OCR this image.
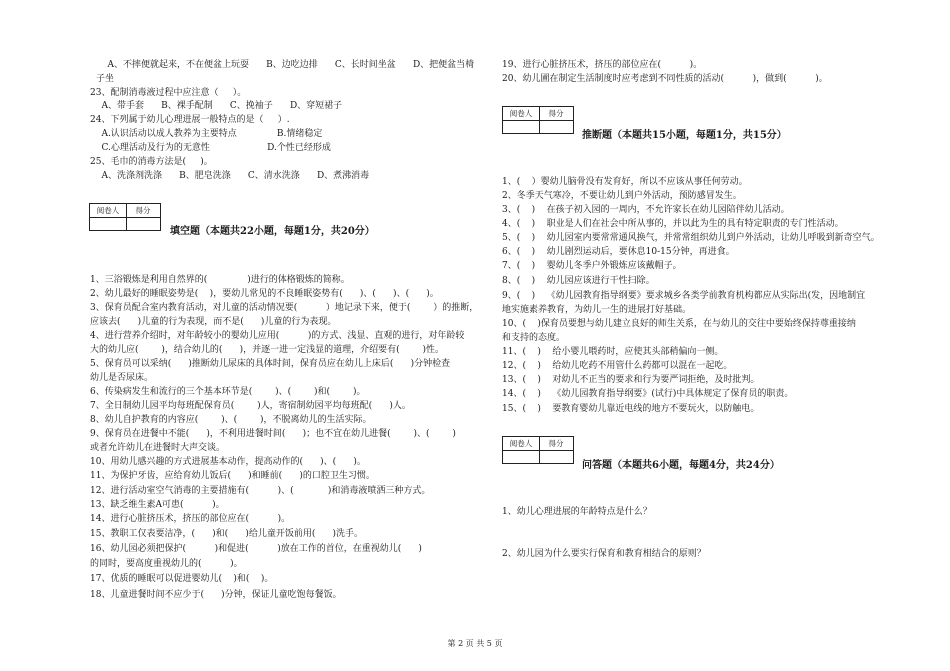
A、不摔便就起来，不在便盆上玩耍      B、边吃边排      C、长时间坐盆      D、把便盆当椅
子坐
23、配制消毒液过程中应注意（     ）。
A、带手套      B、裸手配制      C、挽袖子      D、穿短裙子
24、下列属于幼儿心理进展一般特点的是（     ）.
A.认识活动以成人教养为主要特点              B.情绪稳定
C.心理活动及行为的无意性                    D.个性已经形成
25、毛巾的消毒方法是(     )。
A、洗涤剂洗涤      B、肥皂洗涤      C、清水洗涤      D、煮沸消毒
阅卷人	得分
填空题（本题共22小题，每题1分，共20分）
1、三浴锻炼是利用自然界的(              )进行的体格锻炼的简称。
2、幼儿最好的睡眠姿势是(    )，要幼儿常见的不良睡眠姿势有(      )、(      )、(      )。
3、保育员配合室内教育活动，对儿童的活动情况要(          ）地记录下来，便于(        ）的推断，
应该去(      )儿童的行为表现，而不是(      )儿童的行为表现。
4、进行营养介绍时，对年龄较小的婴幼儿应用(          )的方式、浅显、直观的进行，对年龄较
大的幼儿应(        )，结合幼儿的(      )，并逐一进一定浅显的道理，介绍要有(        )性。
5、保育员可以采纳(      )推断幼儿尿床的具体时间，保育员应在幼儿上床后(      )分钟检查
幼儿是否尿床。
6、传染病发生和流行的三个基本环节是(        )、(        )和(        )。
7、全日制幼儿园平均每班配保育员(        )人，寄宿制幼园平均每班配(      )人。
8、幼儿自护教育的内容应(        )、(        )，不脱离幼儿的生活实际。
9、保育员在进餐中不能(      )，不利用进餐时间(      )；也不宜在幼儿进餐(        )、(        )
或者允许幼儿在进餐时大声交谈。
10、用幼儿感兴趣的方式进展基本动作，提高动作的(      )、(      )。
11、为保护牙齿，应给育幼儿饭后(      )和睡前(      )的口腔卫生习惯。
12、进行活动室空气消毒的主要措施有(          )、(            )和消毒液喷洒三种方式。
13、缺乏维生素A可患(          )。
14、进行心脏挤压术，挤压的部位应在(          )。
15、教职工仅表要洁净，(      )和(      )给儿童开饭前用(      )洗手。
16、幼儿园必须把保护(          )和促进(          )放在工作的首位，在重视幼儿(      )
的同时，要高度重视幼儿的(          )。
17、优质的睡眠可以促进婴幼儿(    )和(    )。
18、儿童进餐时间不应少于(      )分钟，保证儿童吃饱每餐饭。
19、进行心脏挤压术，挤压的部位应在(          )。
20、幼儿圃在制定生活制度时应考虑到不同性质的活动(          )，做到(          )。
阅卷人	得分
推断题（本题共15小题，每题1分，共15分）
1、(    ）婴幼儿脑骨没有发育好，所以不应该从事任何劳动。
2、冬季天气寒冷，不要让幼儿到户外活动，预防感冒发生。
3、(    )    在孩子初入园的一周内，不允许家长在幼儿园陪伴幼儿活动。
4、(    )    职业是人们在社会中所从事的，并以此为生的具有特定职责的专门性活动。
5、(    )    幼儿园室内要常常通风换气，并常常组织幼儿到户外活动，让幼儿呼吸到新奇空气。
6、(    )    幼儿剧烈运动后，要休息10-15分钟，再进食。
7、(    )    婴幼儿冬季户外锻炼应该戴帽子。
8、(    )    幼儿园应该进行干性扫除。
9、(    )    《幼儿园教育指导纲要》要求城乡各类学前教育机构都应从实际出(发，因地制宜
地实施素养教育，为幼儿一生的进展打好基础。
10、(    )保育员要想与幼儿建立良好的师生关系，在与幼儿的交往中要始终保持尊重接纳
和支持的态度。
11、(    )    给小婴儿喂药时，应使其头部稍偏向一侧。
12、(    )    给幼儿吃药不用管什么药都可以混在一起吃。
13、(    )    对幼儿不正当的要求和行为要严词拒绝，及时批判。
14、(    )    《幼儿园教育指导纲要》(试行)中具体规定了保育员的职责。
15、(    )    要教育婴幼儿靠近电线的地方不要玩火，以防触电。
阅卷人	得分
问答题（本题共6小题，每题4分，共24分）
1、幼儿心理进展的年龄特点是什么？
2、幼儿园为什么要实行保育和教育相结合的原则？
第 2 页 共 5 页
